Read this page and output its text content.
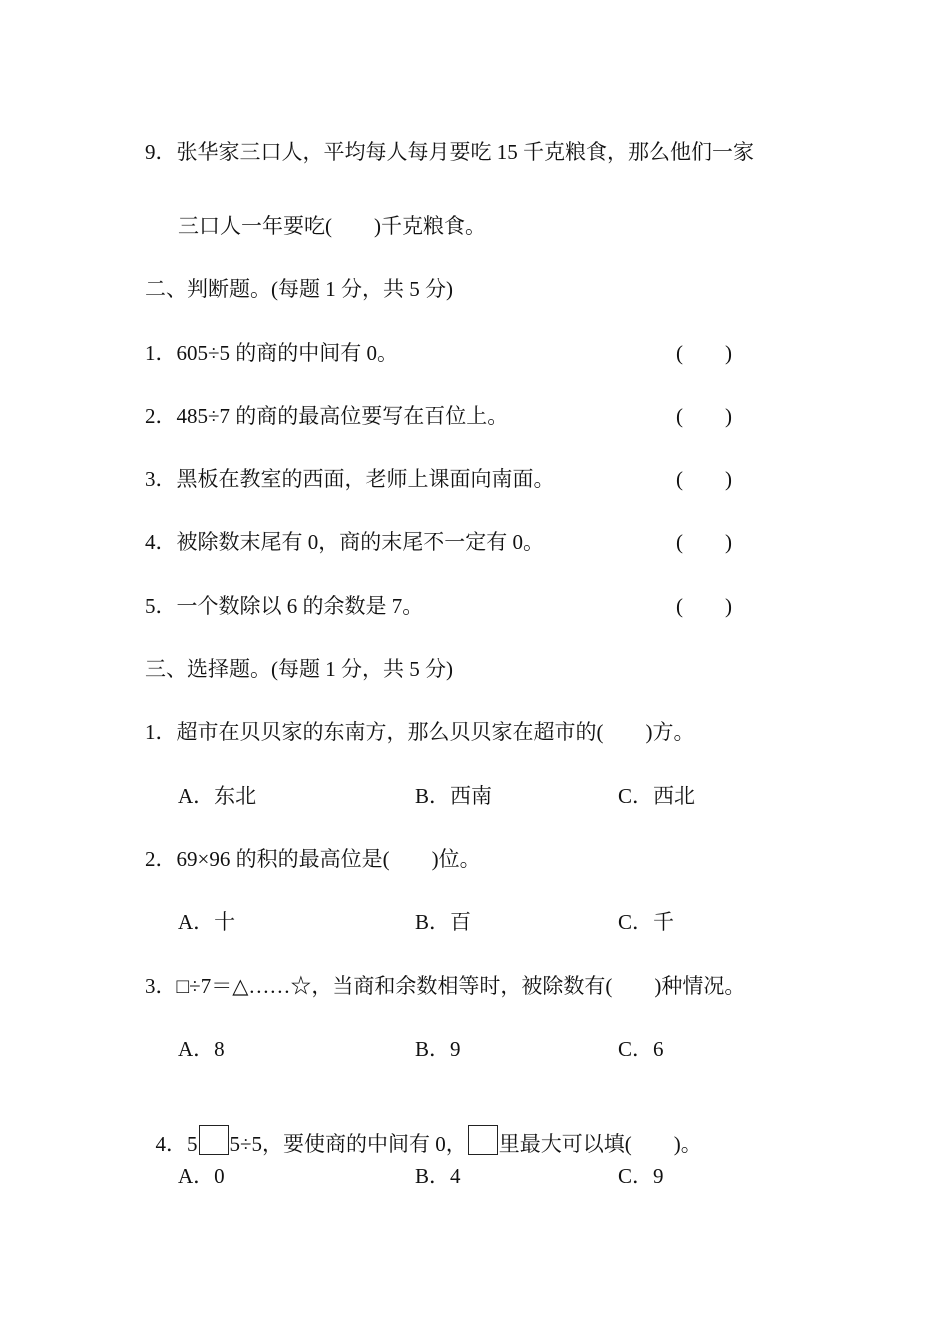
9．张华家三口人，平均每人每月要吃 15 千克粮食，那么他们一家
三口人一年要吃(　　)千克粮食。
二、判断题。(每题 1 分，共 5 分)
1．605÷5 的商的中间有 0。	(　　)
2．485÷7 的商的最高位要写在百位上。	(　　)
3．黑板在教室的西面，老师上课面向南面。	(　　)
4．被除数末尾有 0，商的末尾不一定有 0。	(　　)
5．一个数除以 6 的余数是 7。	(　　)
三、选择题。(每题 1 分，共 5 分)
1．超市在贝贝家的东南方，那么贝贝家在超市的(　　)方。
A．东北	B．西南	C．西北
2．69×96 的积的最高位是(　　)位。
A．十	B．百	C．千
3．□÷7＝△……☆，当商和余数相等时，被除数有(　　)种情况。
A．8	B．9	C．6

4．5 5÷5，要使商的中间有 0， 里最大可以填(　　)。

A．0	B．4	C．9
